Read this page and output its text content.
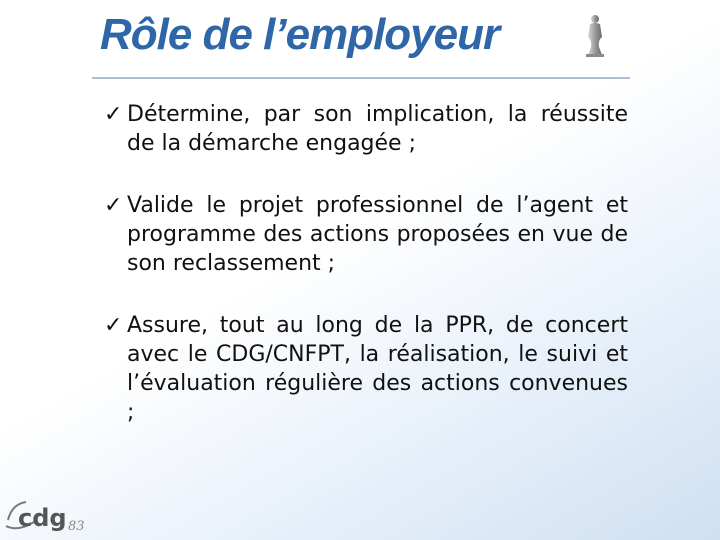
Rôle de l’employeur
✓ Détermine, par son implication, la réussite de la démarche engagée ;
✓ Valide le projet professionnel de l’agent et programme des actions proposées en vue de son reclassement ;
✓ Assure, tout au long de la PPR, de concert avec le CDG/CNFPT, la réalisation, le suivi et l’évaluation régulière des actions convenues ;
cdg 83
